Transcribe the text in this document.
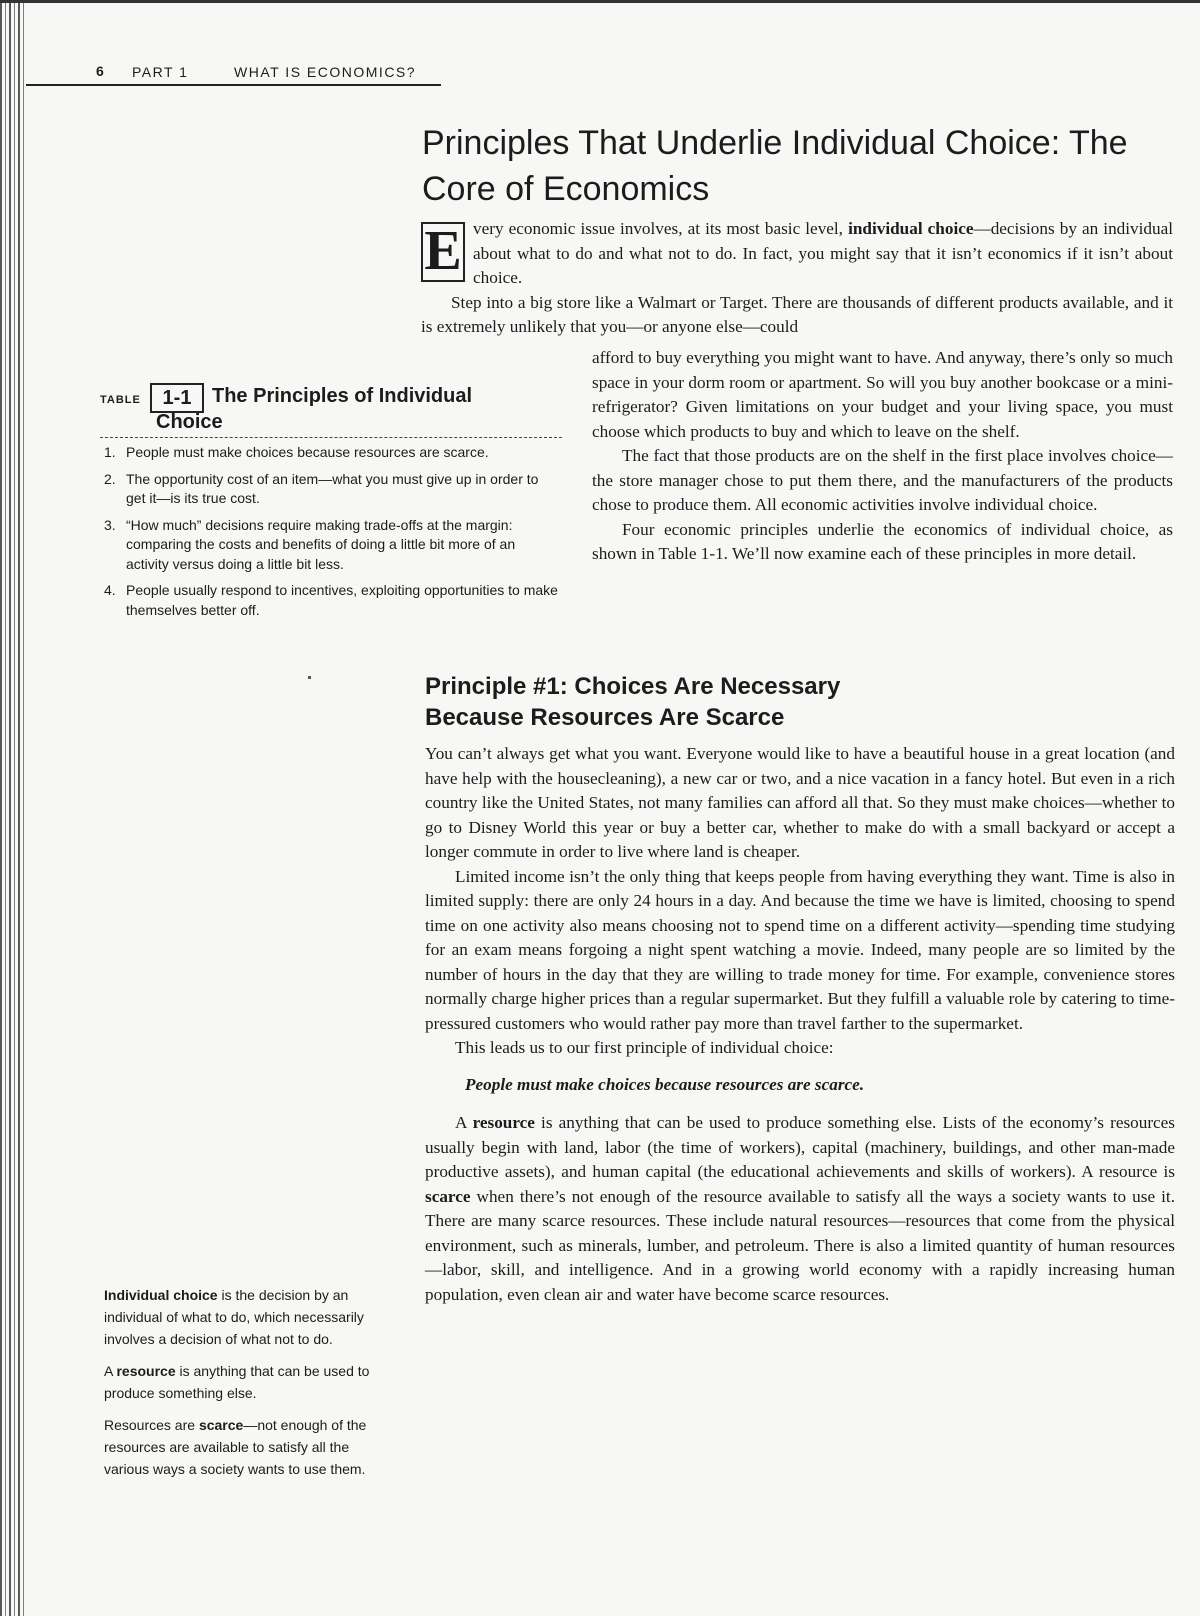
6 PART 1	WHAT IS ECONOMICS?
Principles That Underlie Individual Choice: The Core of Economics

E very economic issue involves, at its most basic level, individual choice—decisions by an individual about what to do and what not to do. In fact, you might say that it isn’t economics if it isn’t about choice.

Step into a big store like a Walmart or Target. There are thousands of different products available, and it is extremely unlikely that you—or anyone else—could

afford to buy everything you might want to have. And anyway, there’s only so much space in your dorm room or apartment. So will you buy another bookcase or a mini-refrigerator? Given limitations on your budget and your living space, you must choose which products to buy and which to leave on the shelf.

The fact that those products are on the shelf in the first place involves choice—the store manager chose to put them there, and the manufacturers of the products chose to produce them. All economic activities involve individual choice.

Four economic principles underlie the economics of individual choice, as shown in Table 1-1. We’ll now examine each of these principles in more detail.

TABLE	1-1	The Principles of Individual
Choice
1. People must make choices because resources are scarce.
2. The opportunity cost of an item—what you must give up in order to get it—is its true cost.
3. “How much” decisions require making trade-offs at the margin: comparing the costs and benefits of doing a little bit more of an activity versus doing a little bit less.
4. People usually respond to incentives, exploiting opportunities to make themselves better off.
Principle #1: Choices Are Necessary
Because Resources Are Scarce

You can’t always get what you want. Everyone would like to have a beautiful house in a great location (and have help with the housecleaning), a new car or two, and a nice vacation in a fancy hotel. But even in a rich country like the United States, not many families can afford all that. So they must make choices—whether to go to Disney World this year or buy a better car, whether to make do with a small backyard or accept a longer commute in order to live where land is cheaper.

Limited income isn’t the only thing that keeps people from having everything they want. Time is also in limited supply: there are only 24 hours in a day. And because the time we have is limited, choosing to spend time on one activity also means choosing not to spend time on a different activity—spending time studying for an exam means forgoing a night spent watching a movie. Indeed, many people are so limited by the number of hours in the day that they are willing to trade money for time. For example, convenience stores normally charge higher prices than a regular supermarket. But they fulfill a valuable role by catering to time-pressured customers who would rather pay more than travel farther to the supermarket.

This leads us to our first principle of individual choice:

People must make choices because resources are scarce.

A resource is anything that can be used to produce something else. Lists of the economy’s resources usually begin with land, labor (the time of workers), capital (machinery, buildings, and other man-made productive assets), and human capital (the educational achievements and skills of workers). A resource is scarce when there’s not enough of the resource available to satisfy all the ways a society wants to use it. There are many scarce resources. These include natural resources—resources that come from the physical environment, such as minerals, lumber, and petroleum. There is also a limited quantity of human resources—labor, skill, and intelligence. And in a growing world economy with a rapidly increasing human population, even clean air and water have become scarce resources.

Individual choice is the decision by an individual of what to do, which necessarily involves a decision of what not to do.

A resource is anything that can be used to produce something else.

Resources are scarce—not enough of the resources are available to satisfy all the various ways a society wants to use them.
